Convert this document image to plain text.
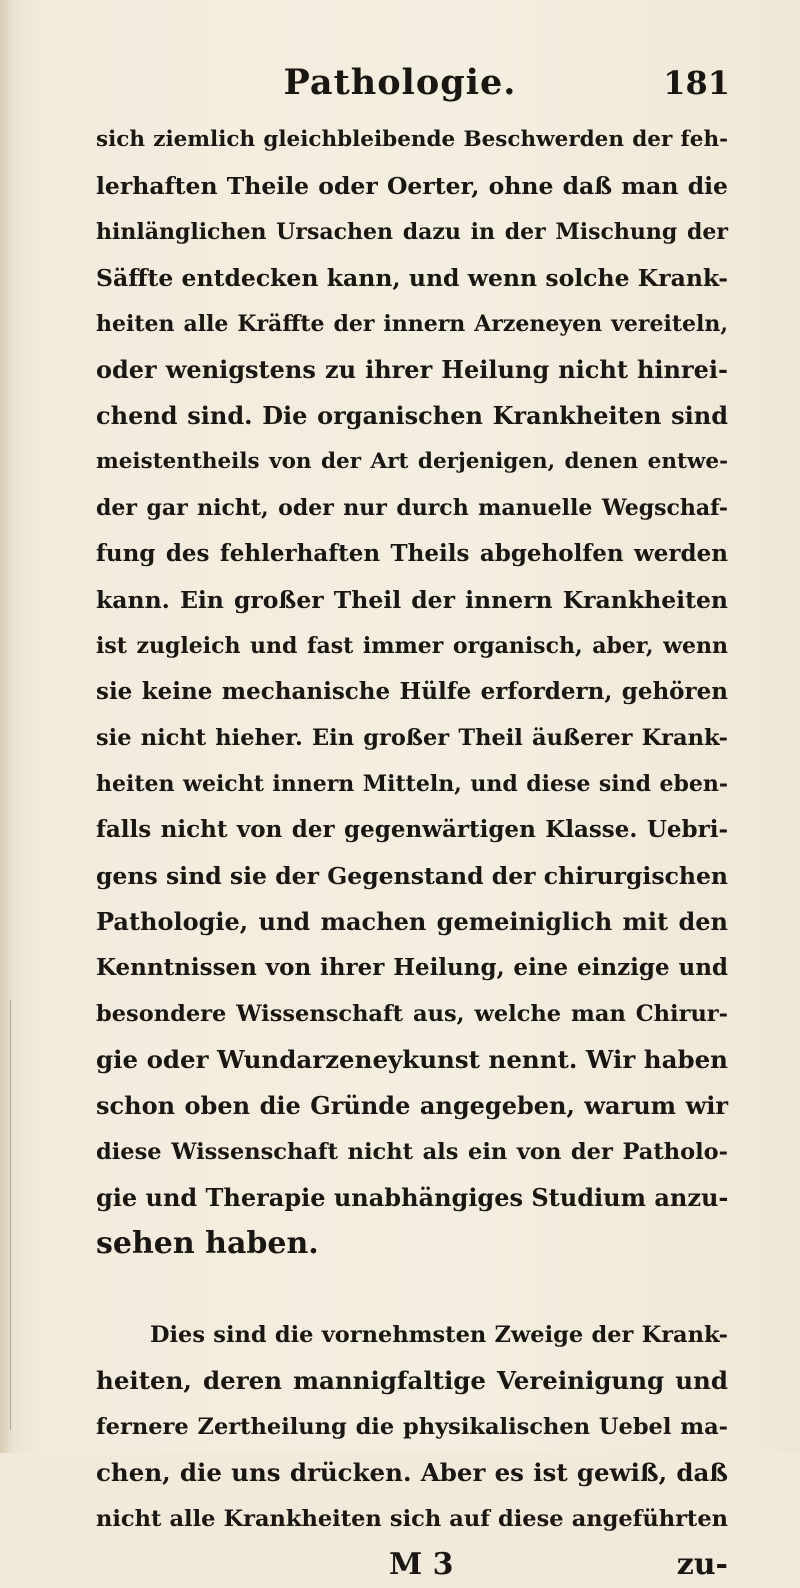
Pathologie.	181
sich ziemlich gleichbleibende Beschwerden der feh-
lerhaften Theile oder Oerter, ohne daß man die
hinlänglichen Ursachen dazu in der Mischung der
Säffte entdecken kann, und wenn solche Krank-
heiten alle Kräffte der innern Arzeneyen vereiteln,
oder wenigstens zu ihrer Heilung nicht hinrei-
chend sind. Die organischen Krankheiten sind
meistentheils von der Art derjenigen, denen entwe-
der gar nicht, oder nur durch manuelle Wegschaf-
fung des fehlerhaften Theils abgeholfen werden
kann. Ein großer Theil der innern Krankheiten
ist zugleich und fast immer organisch, aber, wenn
sie keine mechanische Hülfe erfordern, gehören
sie nicht hieher. Ein großer Theil äußerer Krank-
heiten weicht innern Mitteln, und diese sind eben-
falls nicht von der gegenwärtigen Klasse. Uebri-
gens sind sie der Gegenstand der chirurgischen
Pathologie, und machen gemeiniglich mit den
Kenntnissen von ihrer Heilung, eine einzige und
besondere Wissenschaft aus, welche man Chirur-
gie oder Wundarzeneykunst nennt. Wir haben
schon oben die Gründe angegeben, warum wir
diese Wissenschaft nicht als ein von der Patholo-
gie und Therapie unabhängiges Studium anzu-
sehen haben.
Dies sind die vornehmsten Zweige der Krank-
heiten, deren mannigfaltige Vereinigung und
fernere Zertheilung die physikalischen Uebel ma-
chen, die uns drücken. Aber es ist gewiß, daß
nicht alle Krankheiten sich auf diese angeführten
M 3	zu-
